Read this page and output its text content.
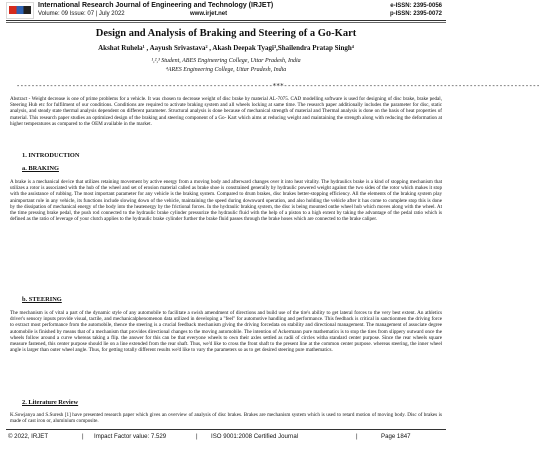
International Research Journal of Engineering and Technology (IRJET)
Volume: 09 Issue: 07 | July 2022	www.irjet.net
e-ISSN: 2395-0056
p-ISSN: 2395-0072
Design and Analysis of Braking and Steering of a Go-Kart
Akshat Ruhela¹ , Aayush Srivastava² , Akash Deepak Tyagi³,Shailendra Pratap Singh⁴
¹,²,³ Student, ABES Engineering College, Uttar Pradesh, India
⁴ARES Engineering College, Uttar Pradesh, India
---------------------------------------------------------------------***---------------------------------------------------------------------
Abstract - Weight decrease is one of prime problems for a vehicle. It was chosen to decrease weight of disc brake by material AL-7075. CAD modelling software is used for designing of disc brake, brake pedal, Steering Hub etc for fulfilment of our conditions. Conditions are required to activate braking system and all wheels locking at same time. The research paper additionally includes the parameter for disc, static analysis, and steady state thermal analysis dependent on different parameter. Structural analysis is done because of mechanical strength of material and Thermal analysis is done on the basis of heat properties of material. This research paper studies an optimized design of the braking and steering component of a Go- Kart which aims at reducing weight and maintaining the strength along with reducing the deformation at higher temperatures as compared to the OEM available in the market.
1. INTRODUCTION
a. BRAKING
A brake is a mechanical device that utilizes retaining movement by active energy from a moving body and afterward changes over it into heat vitality. The hydraulics brake is a kind of stopping mechanism that utilizes a rotor is associated with the hub of the wheel and set of erosion material called as brake shoe is constrained generally by hydraulic powered weight against the two sides of the rotor which makes it stop with the assistance of rubbing. The most important parameter for any vehicle is the braking system. Compared to drum brakes, disc brakes better-stopping efficiency. All the elements of the braking system play animportant role in any vehicle, its functions include slowing down of the vehicle, maintaining the speed during downward operation, and also holding the vehicle after it has come to complete stop this is done by the dissipation of mechanical energy of the body into the heatenergy by the frictional forces. In the hydraulic braking system, the disc is being mounted onthe wheel hub which moves along with the wheel. At the time pressing brake pedal, the push rod connected to the hydraulic brake cylinder pressurize the hydraulic fluid with the help of a piston to a high extent by taking the advantage of the pedal ratio which is defined as the ratio of leverage of your clutch applies to the hydraulic brake cylinder further the brake fluid passes through the brake hoses which are connected to the brake caliper.
b. STEERING
The mechanism is of vital a part of the dynamic style of any automobile to facilitate a swish amendment of directions and build use of the tire's ability to get lateral forces to the very best extent. An athletics driver's sensory inputs provide visual, tactile, and mechanicalphenomenon data utilized in developing a "feel" for automotive handling and performance. This feedback is critical in sanctionmen the driving force to extract most performance from the automobile, thence the steering is a crucial feedback mechanism giving the driving forcedata on stability and directional management. The management of associate degree automobile is finished by means that of a mechanism that provides directional changes to the moving automobile. The intention of Ackermann pure mathematics is to stop the tires from slippery outward once the wheels follow around a curve whereas taking a flip. the answer for this can be that everyone wheels to own their axles settled as radii of circles witha standard center purpose. Since the rear wheels square measure fastened, this center purpose should lie on a line extended from the rear shaft. Thus, we'd like to cross the front shaft to the present line at the common center purpose. whereas steering, the inner wheel angle is larger than outer wheel angle. Thus, for getting totally different results we'd like to vary the parameters so as to get desired steering pure mathematics.
2. Literature Review
K.Sowjanya and S.Suresh [1] have presented research paper which gives an overview of analysis of disc brakes. Brakes are mechanism system which is used to retard motion of moving body. Disc of brakes is made of cast iron or, aluminium composite.
© 2022, IRJET	| Impact Factor value: 7.529	| ISO 9001:2008 Certified Journal	|	Page 1847
